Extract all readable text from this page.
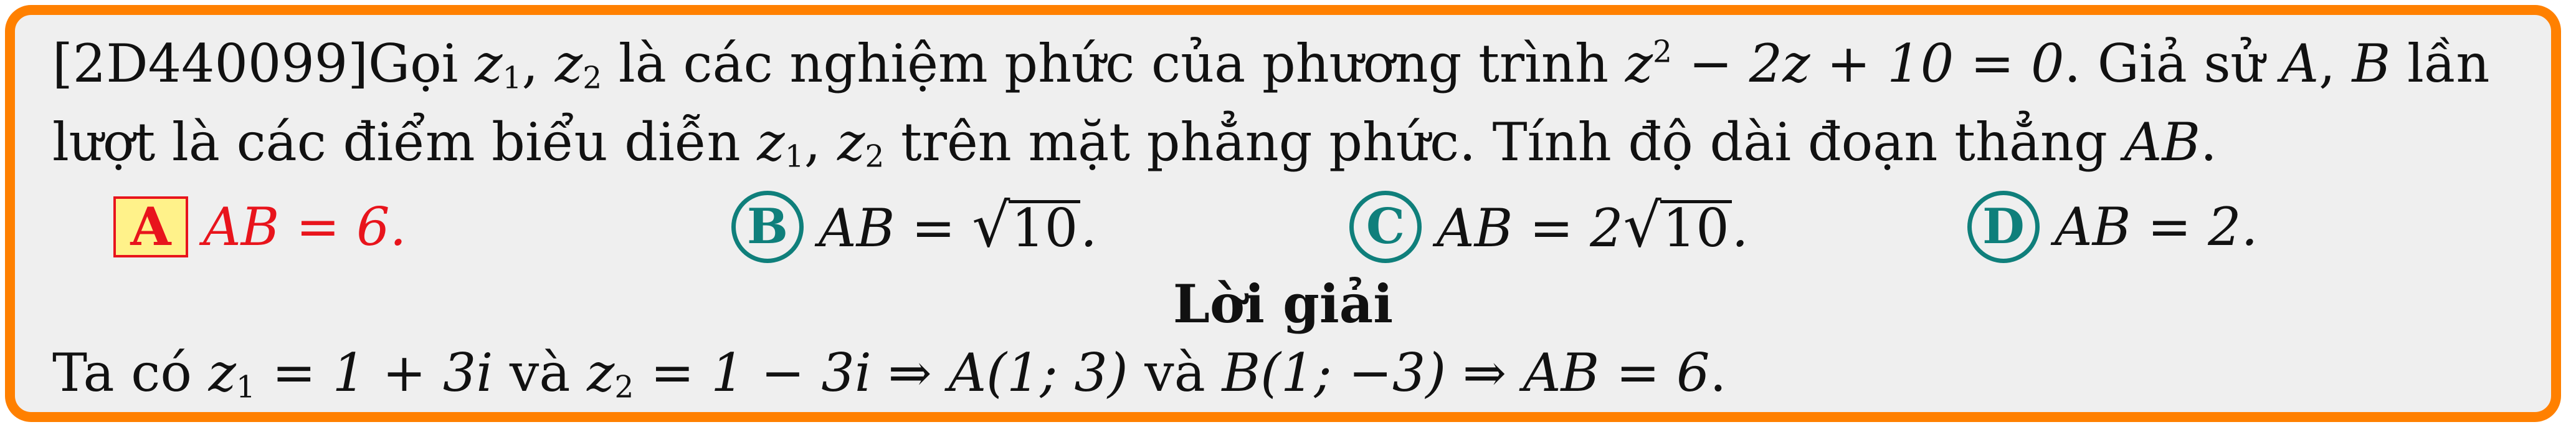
[2D440099]Gọi $z_1$, $z_2$ là các nghiệm phức của phương trình $z^2 - 2z + 10 = 0$. Giả sử A, B lần
lượt là các điểm biểu diễn $z_1$, $z_2$ trên mặt phẳng phức. Tính độ dài đoạn thẳng AB.
A AB = 6.	B AB = √10.	C AB = 2√10.	D AB = 2.
Lời giải
Ta có $z_1 = 1 + 3i$ và $z_2 = 1 - 3i$ ⇒ A(1; 3) và B(1; −3) ⇒ AB = 6.
